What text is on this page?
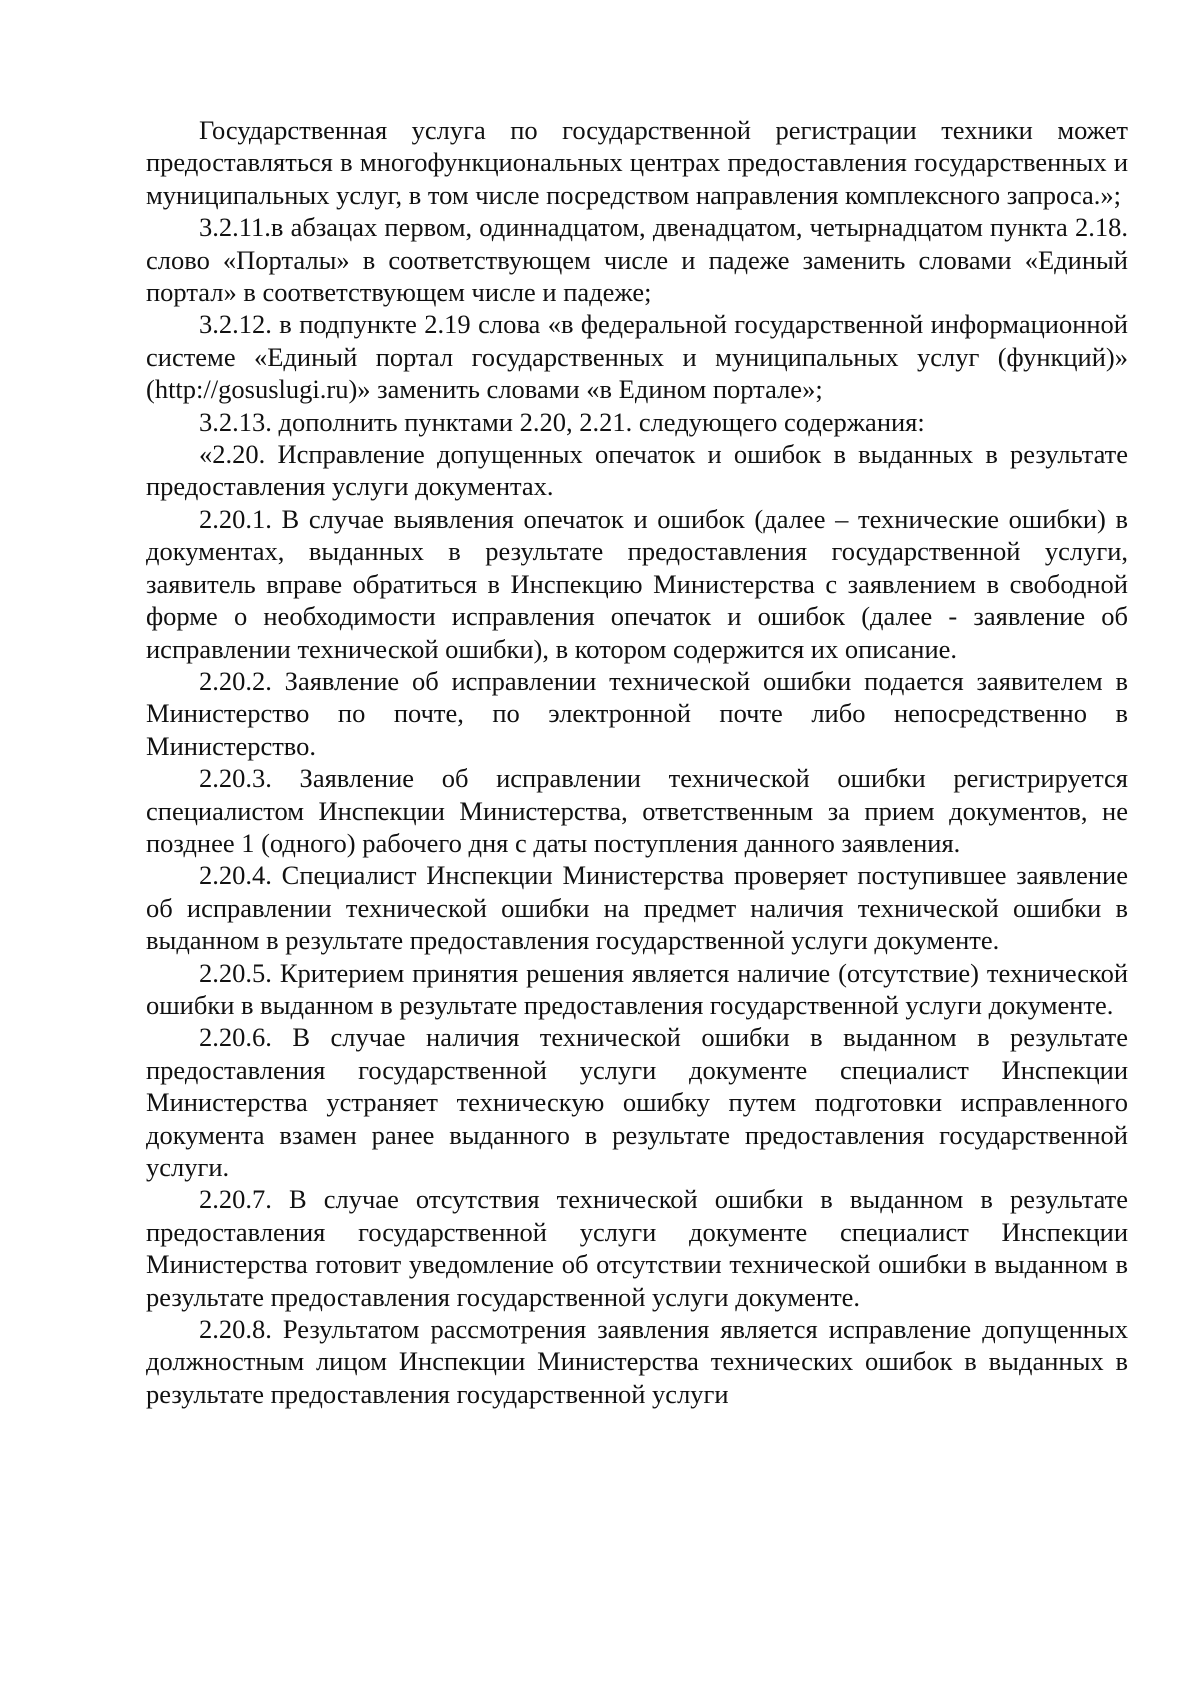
Государственная услуга по государственной регистрации техники может предоставляться в многофункциональных центрах предоставления государственных и муниципальных услуг, в том числе посредством направления комплексного запроса.»;

3.2.11.в абзацах первом, одиннадцатом, двенадцатом, четырнадцатом пункта 2.18. слово «Порталы» в соответствующем числе и падеже заменить словами «Единый портал» в соответствующем числе и падеже;

3.2.12. в подпункте 2.19 слова «в федеральной государственной информационной системе «Единый портал государственных и муниципальных услуг (функций)» (http://gosuslugi.ru)» заменить словами «в Едином портале»;

3.2.13. дополнить пунктами 2.20, 2.21. следующего содержания:

«2.20. Исправление допущенных опечаток и ошибок в выданных в результате предоставления услуги документах.

2.20.1. В случае выявления опечаток и ошибок (далее – технические ошибки) в документах, выданных в результате предоставления государственной услуги, заявитель вправе обратиться в Инспекцию Министерства с заявлением в свободной форме о необходимости исправления опечаток и ошибок (далее - заявление об исправлении технической ошибки), в котором содержится их описание.

2.20.2. Заявление об исправлении технической ошибки подается заявителем в Министерство по почте, по электронной почте либо непосредственно в Министерство.

2.20.3. Заявление об исправлении технической ошибки регистрируется специалистом Инспекции Министерства, ответственным за прием документов, не позднее 1 (одного) рабочего дня с даты поступления данного заявления.

2.20.4. Специалист Инспекции Министерства проверяет поступившее заявление об исправлении технической ошибки на предмет наличия технической ошибки в выданном в результате предоставления государственной услуги документе.

2.20.5. Критерием принятия решения является наличие (отсутствие) технической ошибки в выданном в результате предоставления государственной услуги документе.

2.20.6. В случае наличия технической ошибки в выданном в результате предоставления государственной услуги документе специалист Инспекции Министерства устраняет техническую ошибку путем подготовки исправленного документа взамен ранее выданного в результате предоставления государственной услуги.

2.20.7. В случае отсутствия технической ошибки в выданном в результате предоставления государственной услуги документе специалист Инспекции Министерства готовит уведомление об отсутствии технической ошибки в выданном в результате предоставления государственной услуги документе.

2.20.8. Результатом рассмотрения заявления является исправление допущенных должностным лицом Инспекции Министерства технических ошибок в выданных в результате предоставления государственной услуги
